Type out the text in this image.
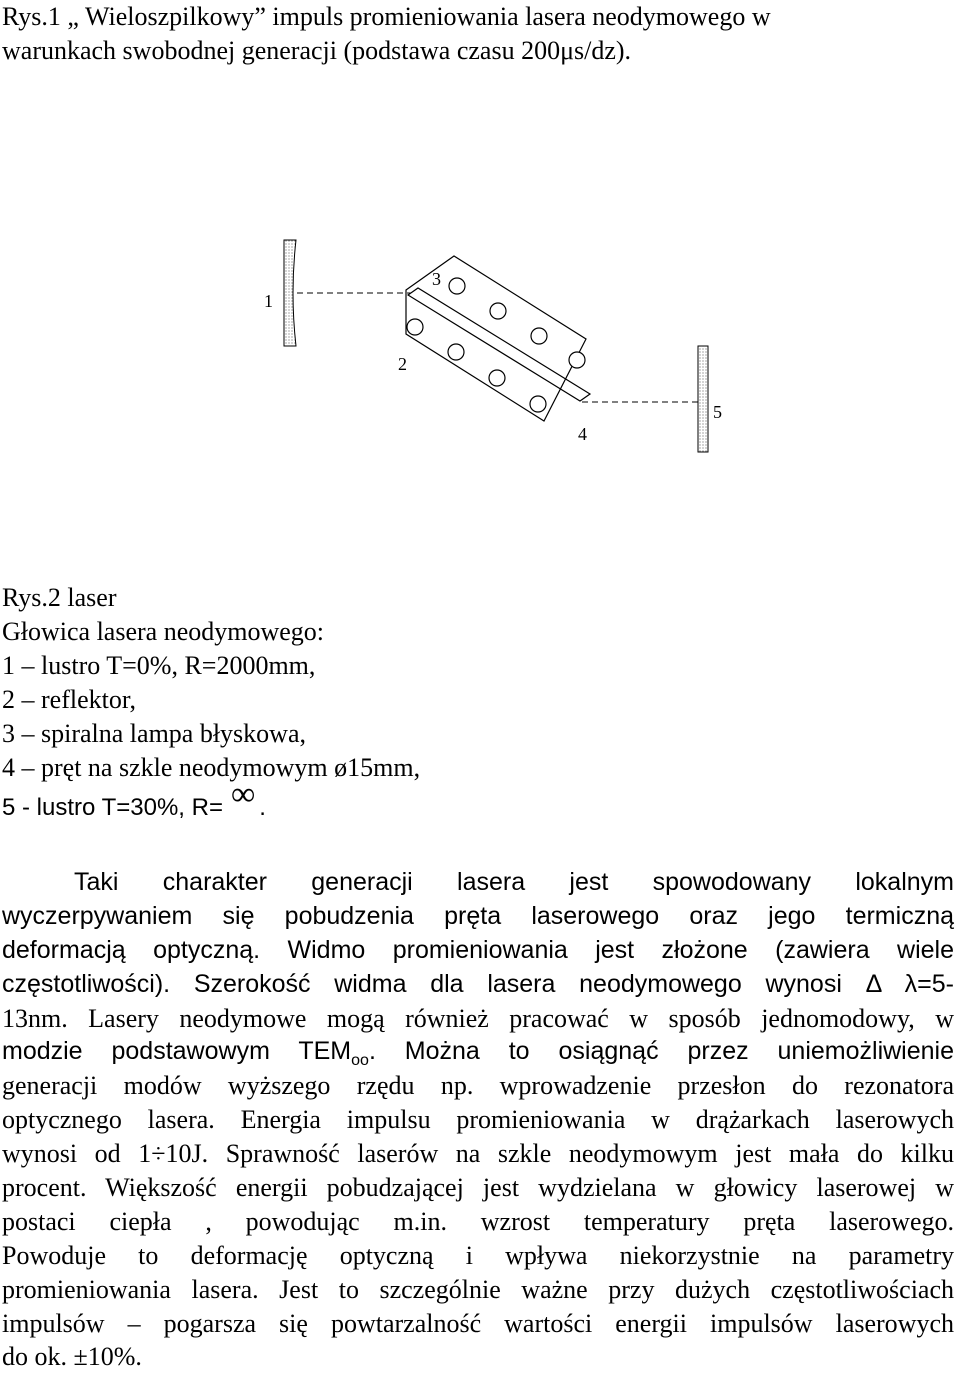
Rys.1 „ Wieloszpilkowy” impuls promieniowania lasera neodymowego w
warunkach swobodnej generacji (podstawa czasu 200μs/dz).
1
2
3
4
5
Rys.2 laser
Głowica lasera neodymowego:
1 – lustro T=0%, R=2000mm,
2 – reflektor,
3 – spiralna lampa błyskowa,
4 – pręt na szkle neodymowym ø15mm,
5 - lustro T=30%, R= ∞ .
Taki charakter generacji lasera jest spowodowany lokalnym
wyczerpywaniem się pobudzenia pręta laserowego oraz jego termiczną
deformacją optyczną. Widmo promieniowania jest złożone (zawiera wiele
częstotliwości). Szerokość widma dla lasera neodymowego wynosi Δ λ=5-
13nm. Lasery neodymowe mogą również pracować w sposób jednomodowy, w
modzie podstawowym $TEM_{oo}$. Można to osiągnąć przez uniemożliwienie
generacji modów wyższego rzędu np. wprowadzenie przesłon do rezonatora
optycznego lasera. Energia impulsu promieniowania w drążarkach laserowych
wynosi od 1÷10J. Sprawność laserów na szkle neodymowym jest mała do kilku
procent. Większość energii pobudzającej jest wydzielana w głowicy laserowej w
postaci ciepła , powodując m.in. wzrost temperatury pręta laserowego.
Powoduje to deformację optyczną i wpływa niekorzystnie na parametry
promieniowania lasera. Jest to szczególnie ważne przy dużych częstotliwościach
impulsów – pogarsza się powtarzalność wartości energii impulsów laserowych
do ok. ±10%.
